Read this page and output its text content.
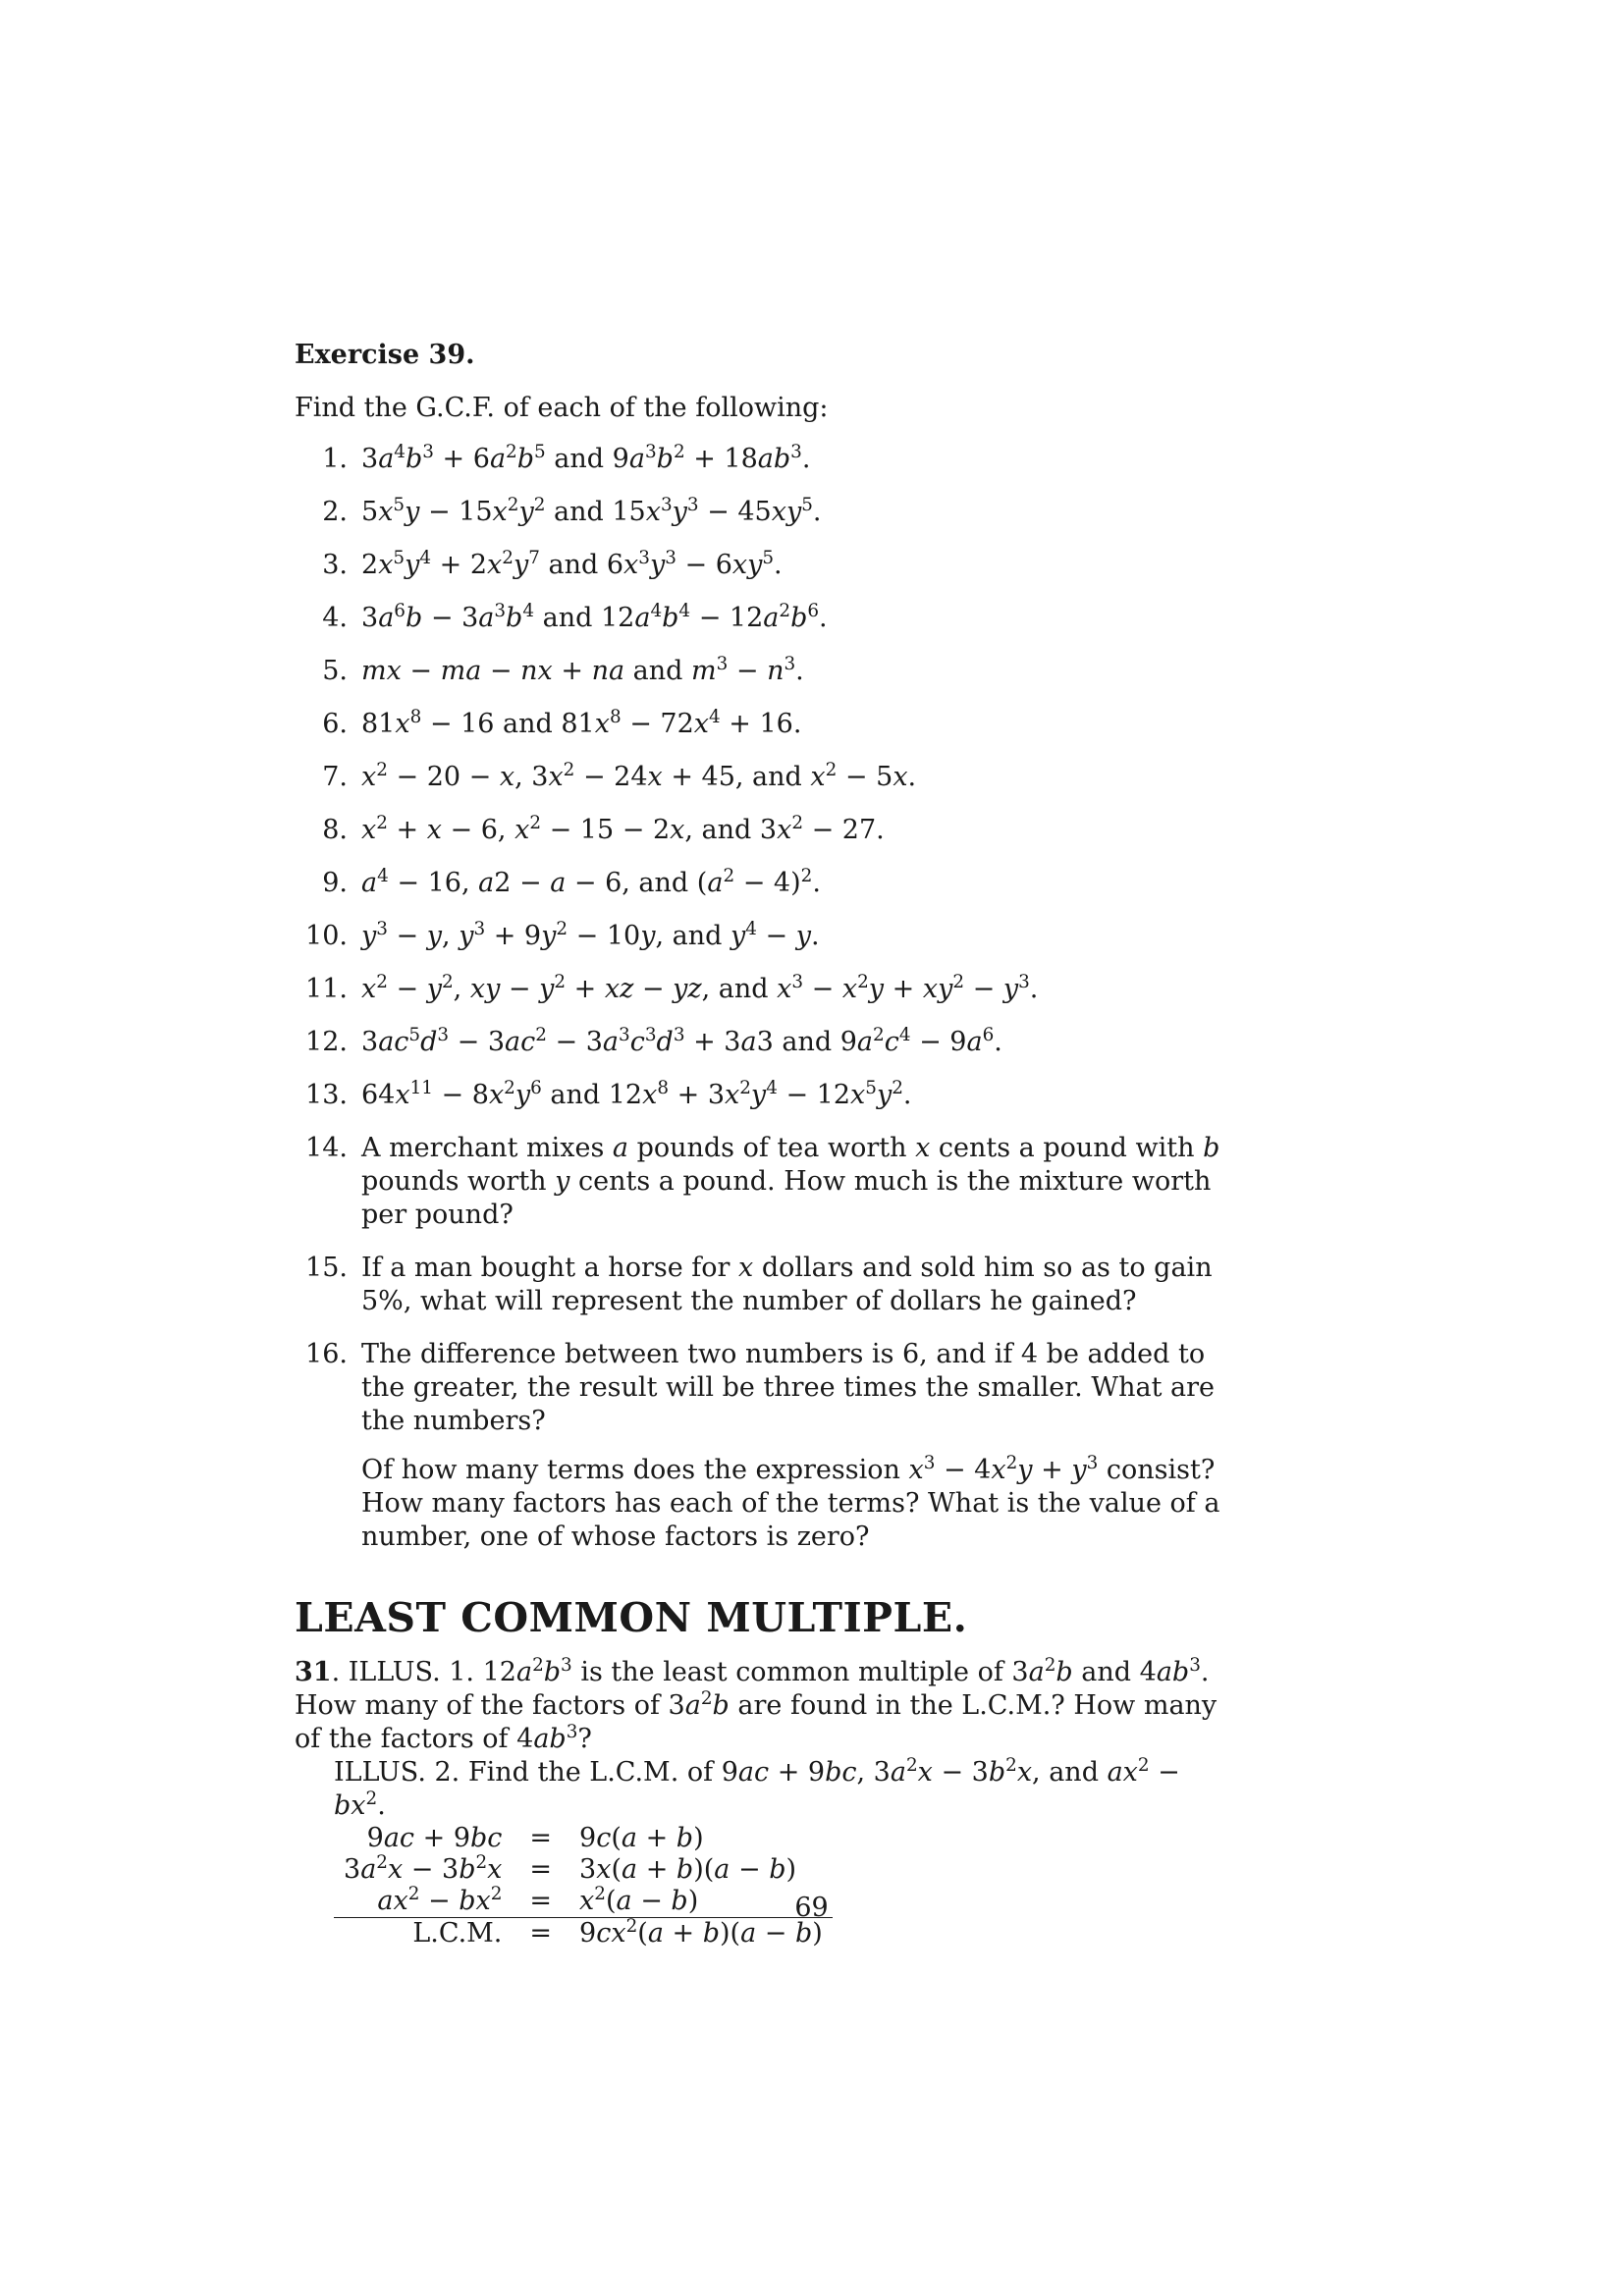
Exercise 39.

Find the G.C.F. of each of the following:

1. $3a^4b^3 + 6a^2b^5$ and $9a^3b^2 + 18ab^3$.
2. $5x^5y - 15x^2y^2$ and $15x^3y^3 - 45xy^5$.
3. $2x^5y^4 + 2x^2y^7$ and $6x^3y^3 - 6xy^5$.
4. $3a^6b - 3a^3b^4$ and $12a^4b^4 - 12a^2b^6$.
5. mx − ma − nx + na and $m^3 - n^3$.
6. $81x^8 - 16$ and $81x^8 - 72x^4 + 16$.
7. $x^2 - 20 - x$, $3x^2 - 24x + 45$, and $x^2 - 5x$.
8. $x^2 + x - 6$, $x^2 - 15 - 2x$, and $3x^2 - 27$.
9. $a^4 - 16$, a2 − a − 6, and $(a^2 - 4)^2$.
10. $y^3 - y$, $y^3 + 9y^2 - 10y$, and $y^4 - y$.
11. $x^2 - y^2$, xy − $y^2$ + xz − yz, and $x^3 - x^2y + xy^2 - y^3$.
12. $3ac^5d^3 - 3ac^2 - 3a^3c^3d^3 + 3a3$ and $9a^2c^4 - 9a^6$.
13. $64x^{11} - 8x^2y^6$ and $12x^8 + 3x^2y^4 - 12x^5y^2$.
14. A merchant mixes a pounds of tea worth x cents a pound with b pounds worth y cents a pound. How much is the mixture worth per pound?
15. If a man bought a horse for x dollars and sold him so as to gain 5%, what will represent the number of dollars he gained?
16. The difference between two numbers is 6, and if 4 be added to the greater, the result will be three times the smaller. What are the numbers?
Of how many terms does the expression $x^3 - 4x^2y + y^3$ consist? How many factors has each of the terms? What is the value of a number, one of whose factors is zero?
LEAST COMMON MULTIPLE.

31. ILLUS. 1. $12a^2b^3$ is the least common multiple of $3a^2b$ and $4ab^3$. How many of the factors of $3a^2b$ are found in the L.C.M.? How many of the factors of $4ab^3$?

ILLUS. 2. Find the L.C.M. of 9ac + 9bc, $3a^2x - 3b^2x$, and $ax^2 - bx^2$.

9ac + 9bc	=	9c(a + b)
$3a^2x - 3b^2x$	=	3x(a + b)(a − b)
$ax^2 - bx^2$	=	$x^2(a - b)$
L.C.M.	=	$9cx^2(a + b)(a - b)$
69
